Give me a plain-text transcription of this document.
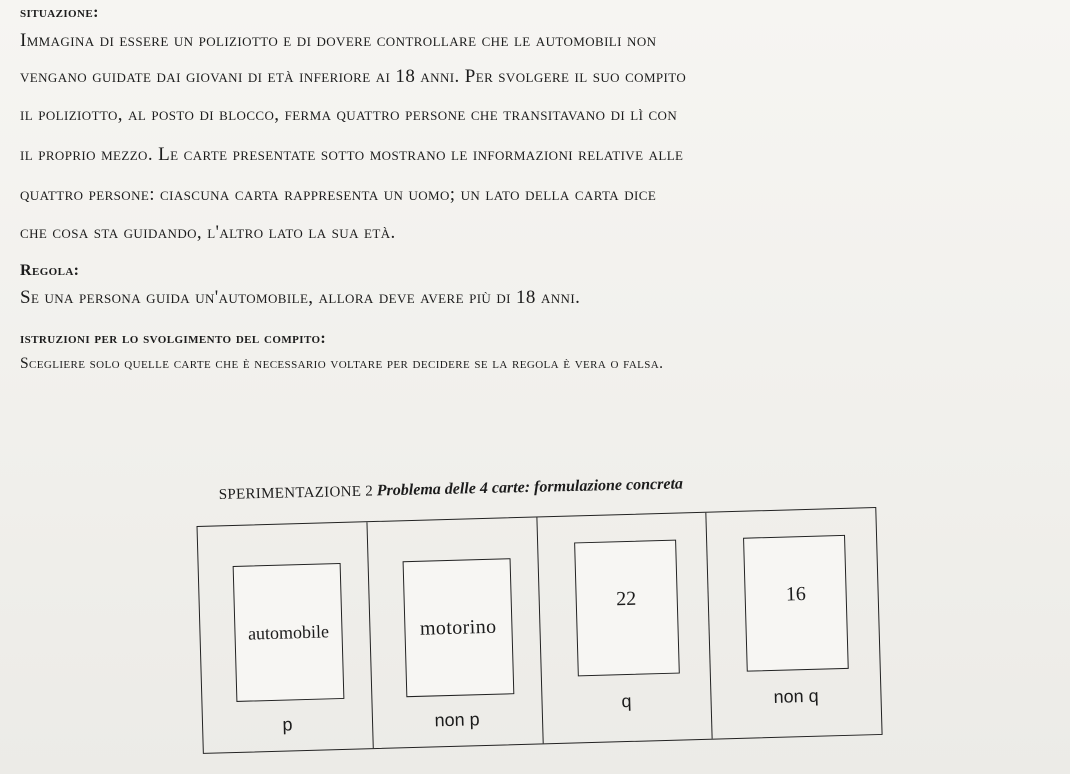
situazione:
Immagina di essere un poliziotto e di dovere controllare che le automobili non
vengano guidate dai giovani di età inferiore ai 18 anni. Per svolgere il suo compito
il poliziotto, al posto di blocco, ferma quattro persone che transitavano di lì con
il proprio mezzo. Le carte presentate sotto mostrano le informazioni relative alle
quattro persone: ciascuna carta rappresenta un uomo; un lato della carta dice
che cosa sta guidando, l'altro lato la sua età.
Regola:
Se una persona guida un'automobile, allora deve avere più di 18 anni.
istruzioni per lo svolgimento del compito:
Scegliere solo quelle carte che è necessario voltare per decidere se la regola è vera o falsa.
SPERIMENTAZIONE 2 Problema delle 4 carte: formulazione concreta
automobile
p
motorino
non p
22
q
16
non q
